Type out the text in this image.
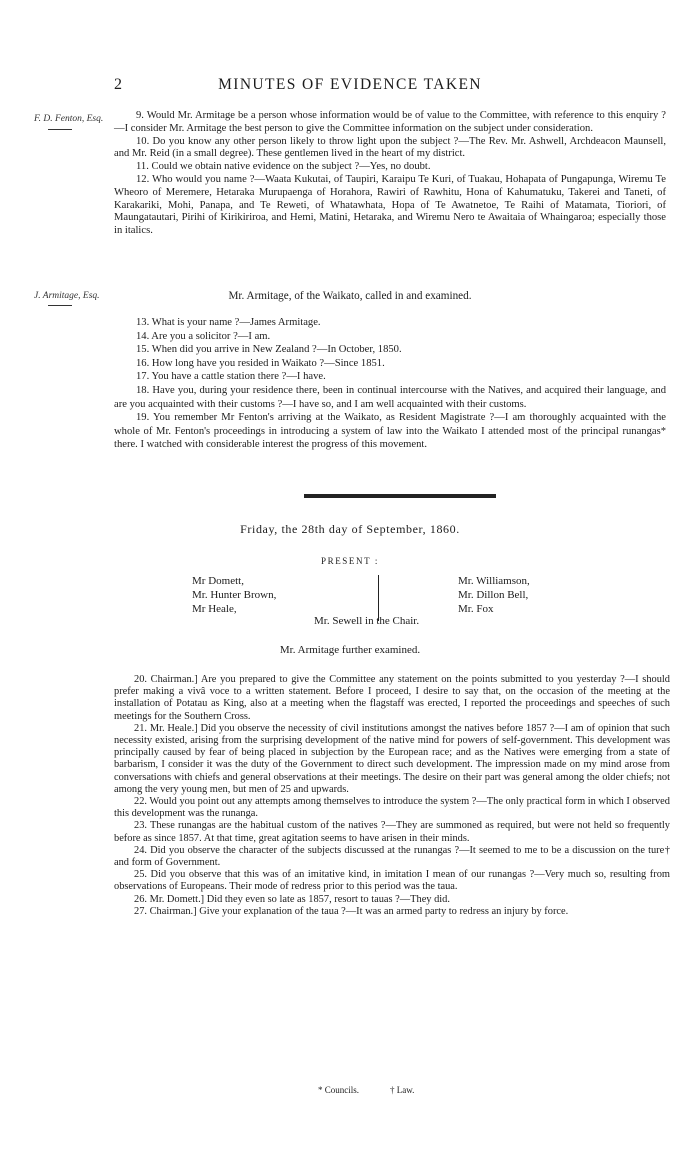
2	MINUTES OF EVIDENCE TAKEN
F. D. Fenton, Esq.	9. Would Mr. Armitage be a person whose information would be of value to the Committee, with reference to this enquiry ?—I consider Mr. Armitage the best person to give the Committee information on the subject under consideration.

10. Do you know any other person likely to throw light upon the subject ?—The Rev. Mr. Ashwell, Archdeacon Maunsell, and Mr. Reid (in a small degree). These gentlemen lived in the heart of my district.

11. Could we obtain native evidence on the subject ?—Yes, no doubt.

12. Who would you name ?—Waata Kukutai, of Taupiri, Karaipu Te Kuri, of Tuakau, Hohapata of Pungapunga, Wiremu Te Wheoro of Meremere, Hetaraka Murupaenga of Horahora, Rawiri of Rawhitu, Hona of Kahumatuku, Takerei and Taneti, of Karakariki, Mohi, Panapa, and Te Reweti, of Whatawhata, Hopa of Te Awatnetoe, Te Raihi of Matamata, Tioriori, of Maungatautari, Pirihi of Kirikiriroa, and Hemi, Matini, Hetaraka, and Wiremu Nero te Awaitaia of Whaingaroa; especially those in italics.

J. Armitage, Esq.	Mr. Armitage, of the Waikato, called in and examined.

13. What is your name ?—James Armitage.

14. Are you a solicitor ?—I am.

15. When did you arrive in New Zealand ?—In October, 1850.

16. How long have you resided in Waikato ?—Since 1851.

17. You have a cattle station there ?—I have.

18. Have you, during your residence there, been in continual intercourse with the Natives, and acquired their language, and are you acquainted with their customs ?—I have so, and I am well acquainted with their customs.

19. You remember Mr Fenton's arriving at the Waikato, as Resident Magistrate ?—I am thoroughly acquainted with the whole of Mr. Fenton's proceedings in introducing a system of law into the Waikato I attended most of the principal runangas* there. I watched with considerable interest the progress of this movement.

Friday, the 28th day of September, 1860.
PRESENT :
Mr Domett,
Mr. Hunter Brown,
Mr Heale,
Mr. Williamson,
Mr. Dillon Bell,
Mr. Fox
Mr. Sewell in the Chair.
Mr. Armitage further examined.

20. Chairman.] Are you prepared to give the Committee any statement on the points submitted to you yesterday ?—I should prefer making a vivâ voce to a written statement. Before I proceed, I desire to say that, on the occasion of the meeting at the installation of Potatau as King, also at a meeting when the flagstaff was erected, I reported the proceedings and speeches of such meetings for the Southern Cross.

21. Mr. Heale.] Did you observe the necessity of civil institutions amongst the natives before 1857 ?—I am of opinion that such necessity existed, arising from the surprising development of the native mind for powers of self-government. This development was principally caused by fear of being placed in subjection by the European race; and as the Natives were emerging from a state of barbarism, I consider it was the duty of the Government to direct such development. The impression made on my mind arose from conversations with chiefs and general observations at their meetings. The desire on their part was general among the older chiefs; not among the very young men, but men of 25 and upwards.

22. Would you point out any attempts among themselves to introduce the system ?—The only practical form in which I observed this development was the runanga.

23. These runangas are the habitual custom of the natives ?—They are summoned as required, but were not held so frequently before as since 1857. At that time, great agitation seems to have arisen in their minds.

24. Did you observe the character of the subjects discussed at the runangas ?—It seemed to me to be a discussion on the ture† and form of Government.

25. Did you observe that this was of an imitative kind, in imitation I mean of our runangas ?—Very much so, resulting from observations of Europeans. Their mode of redress prior to this period was the taua.

26. Mr. Domett.] Did they even so late as 1857, resort to tauas ?—They did.

27. Chairman.] Give your explanation of the taua ?—It was an armed party to redress an injury by force.

* Councils.	† Law.
